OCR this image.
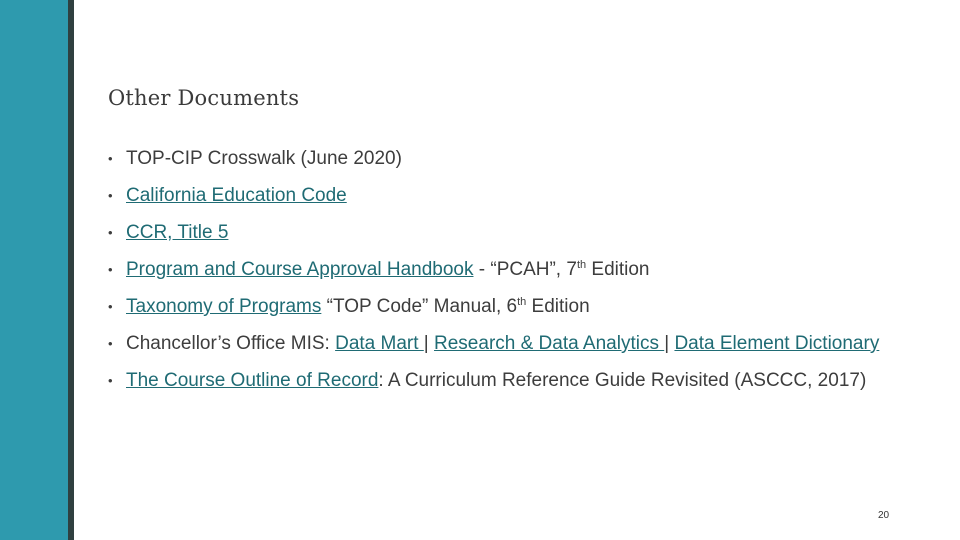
Other Documents
• TOP-CIP Crosswalk (June 2020)
• California Education Code
• CCR, Title 5
• Program and Course Approval Handbook - “PCAH”, 7th Edition
• Taxonomy of Programs “TOP Code” Manual, 6th Edition
• Chancellor’s Office MIS: Data Mart | Research & Data Analytics | Data Element Dictionary
• The Course Outline of Record: A Curriculum Reference Guide Revisited (ASCCC, 2017)
20
